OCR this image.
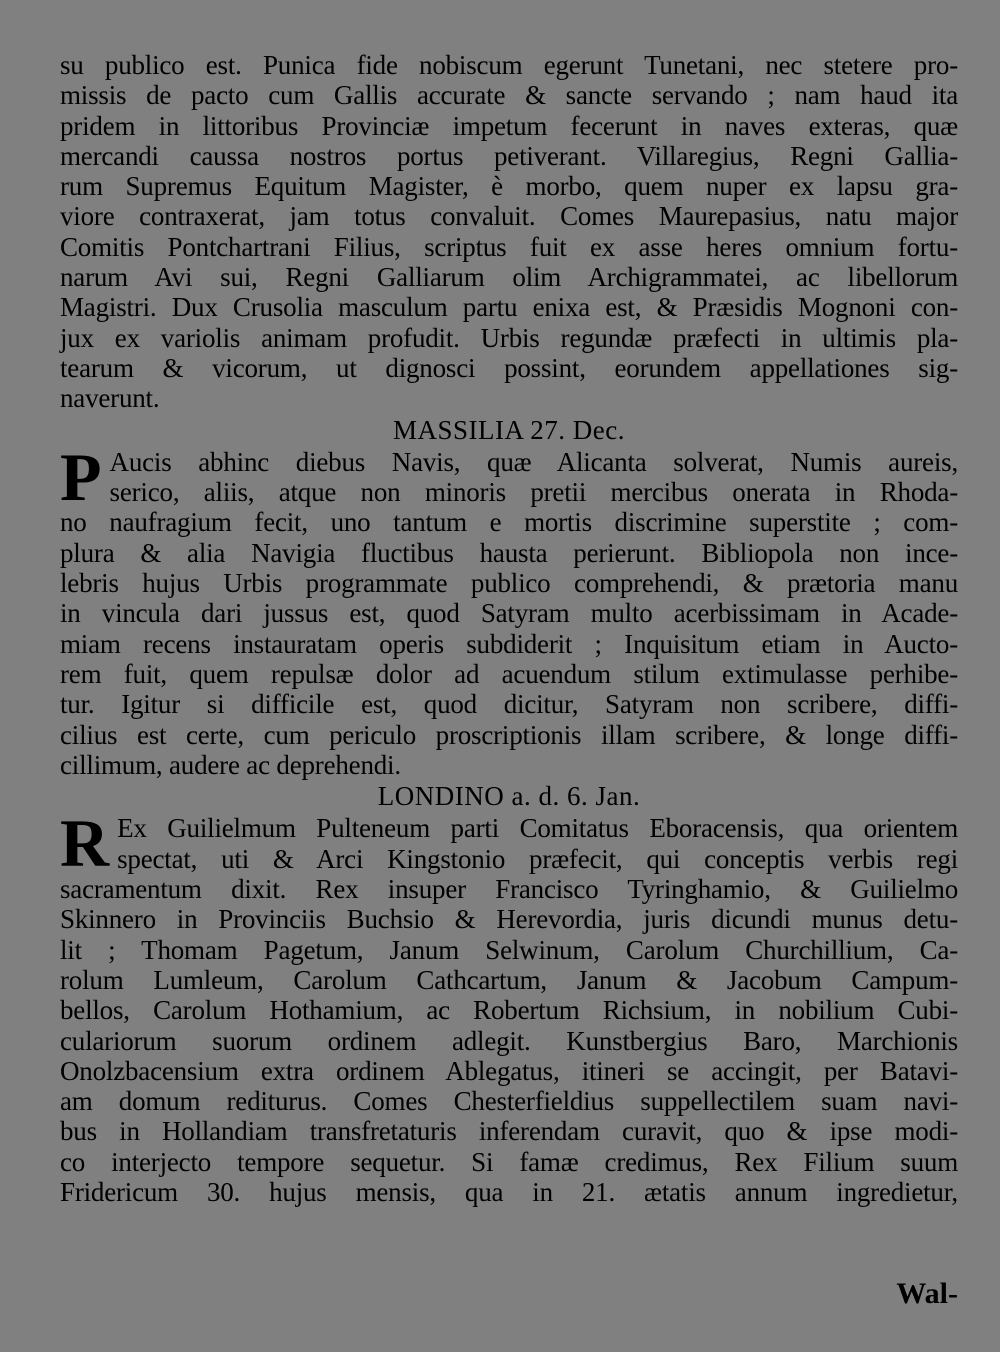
su publico est. Punica fide nobiscum egerunt Tunetani, nec stetere pro-
missis de pacto cum Gallis accurate & sancte servando ; nam haud ita
pridem in littoribus Provinciæ impetum fecerunt in naves exteras, quæ
mercandi caussa nostros portus petiverant. Villaregius, Regni Gallia-
rum Supremus Equitum Magister, è morbo, quem nuper ex lapsu gra-
viore contraxerat, jam totus convaluit. Comes Maurepasius, natu major
Comitis Pontchartrani Filius, scriptus fuit ex asse heres omnium fortu-
narum Avi sui, Regni Galliarum olim Archigrammatei, ac libellorum
Magistri. Dux Crusolia masculum partu enixa est, & Præsidis Mognoni con-
jux ex variolis animam profudit. Urbis regundæ præfecti in ultimis pla-
tearum & vicorum, ut dignosci possint, eorundem appellationes sig-
naverunt.
MASSILIA 27. Dec.
P Aucis abhinc diebus Navis, quæ Alicanta solverat, Numis aureis,
serico, aliis, atque non minoris pretii mercibus onerata in Rhoda-
no naufragium fecit, uno tantum e mortis discrimine superstite ; com-
plura & alia Navigia fluctibus hausta perierunt. Bibliopola non ince-
lebris hujus Urbis programmate publico comprehendi, & prætoria manu
in vincula dari jussus est, quod Satyram multo acerbissimam in Acade-
miam recens instauratam operis subdiderit ; Inquisitum etiam in Aucto-
rem fuit, quem repulsæ dolor ad acuendum stilum extimulasse perhibe-
tur. Igitur si difficile est, quod dicitur, Satyram non scribere, diffi-
cilius est certe, cum periculo proscriptionis illam scribere, & longe diffi-
cillimum, audere ac deprehendi.
LONDINO a. d. 6. Jan.
R Ex Guilielmum Pulteneum parti Comitatus Eboracensis, qua orientem
spectat, uti & Arci Kingstonio præfecit, qui conceptis verbis regi
sacramentum dixit. Rex insuper Francisco Tyringhamio, & Guilielmo
Skinnero in Provinciis Buchsio & Herevordia, juris dicundi munus detu-
lit ; Thomam Pagetum, Janum Selwinum, Carolum Churchillium, Ca-
rolum Lumleum, Carolum Cathcartum, Janum & Jacobum Campum-
bellos, Carolum Hothamium, ac Robertum Richsium, in nobilium Cubi-
culariorum suorum ordinem adlegit. Kunstbergius Baro, Marchionis
Onolzbacensium extra ordinem Ablegatus, itineri se accingit, per Batavi-
am domum rediturus. Comes Chesterfieldius suppellectilem suam navi-
bus in Hollandiam transfretaturis inferendam curavit, quo & ipse modi-
co interjecto tempore sequetur. Si famæ credimus, Rex Filium suum
Fridericum 30. hujus mensis, qua in 21. ætatis annum ingredietur,
Wal-
